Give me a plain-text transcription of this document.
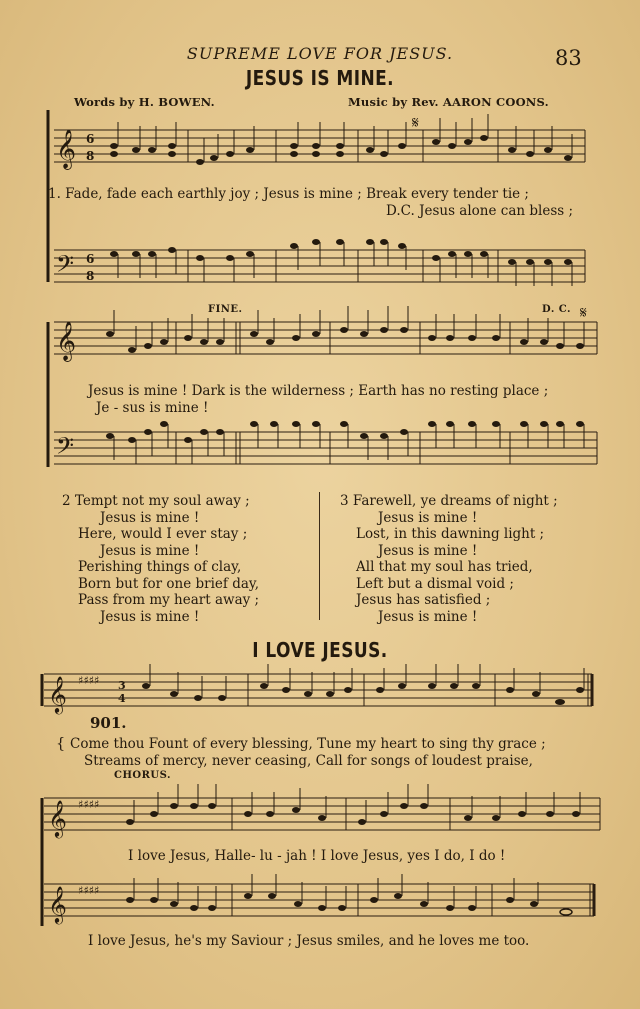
SUPREME LOVE FOR JESUS.	83
JESUS IS MINE.
Words by H. BOWEN.	Music by Rev. AARON COONS.
𝄞 6
8
𝄋
1. Fade, fade each earthly joy ; Jesus is mine ; Break every tender tie ;
D.C. Jesus alone can bless ;
𝄢 6
8
FINE.	D. C.
𝄞
𝄋
Jesus is mine ! Dark is the wilderness ; Earth has no resting place ;
Je - sus is mine !
𝄢
2 Tempt not my soul away ;
Jesus is mine !
Here, would I ever stay ;
Jesus is mine !
Perishing things of clay,
Born but for one brief day,
Pass from my heart away ;
Jesus is mine !
3 Farewell, ye dreams of night ;
Jesus is mine !
Lost, in this dawning light ;
Jesus is mine !
All that my soul has tried,
Left but a dismal void ;
Jesus has satisfied ;
Jesus is mine !
I LOVE JESUS.
𝄞 ♯♯♯♯ 3
4
901.
{ Come thou Fount of every blessing, Tune my heart to sing thy grace ;
Streams of mercy, never ceasing, Call for songs of loudest praise,
CHORUS.
𝄞 ♯♯♯♯
I love Jesus, Halle- lu - jah ! I love Jesus, yes I do, I do !
𝄞 ♯♯♯♯
I love Jesus, he's my Saviour ; Jesus smiles, and he loves me too.
